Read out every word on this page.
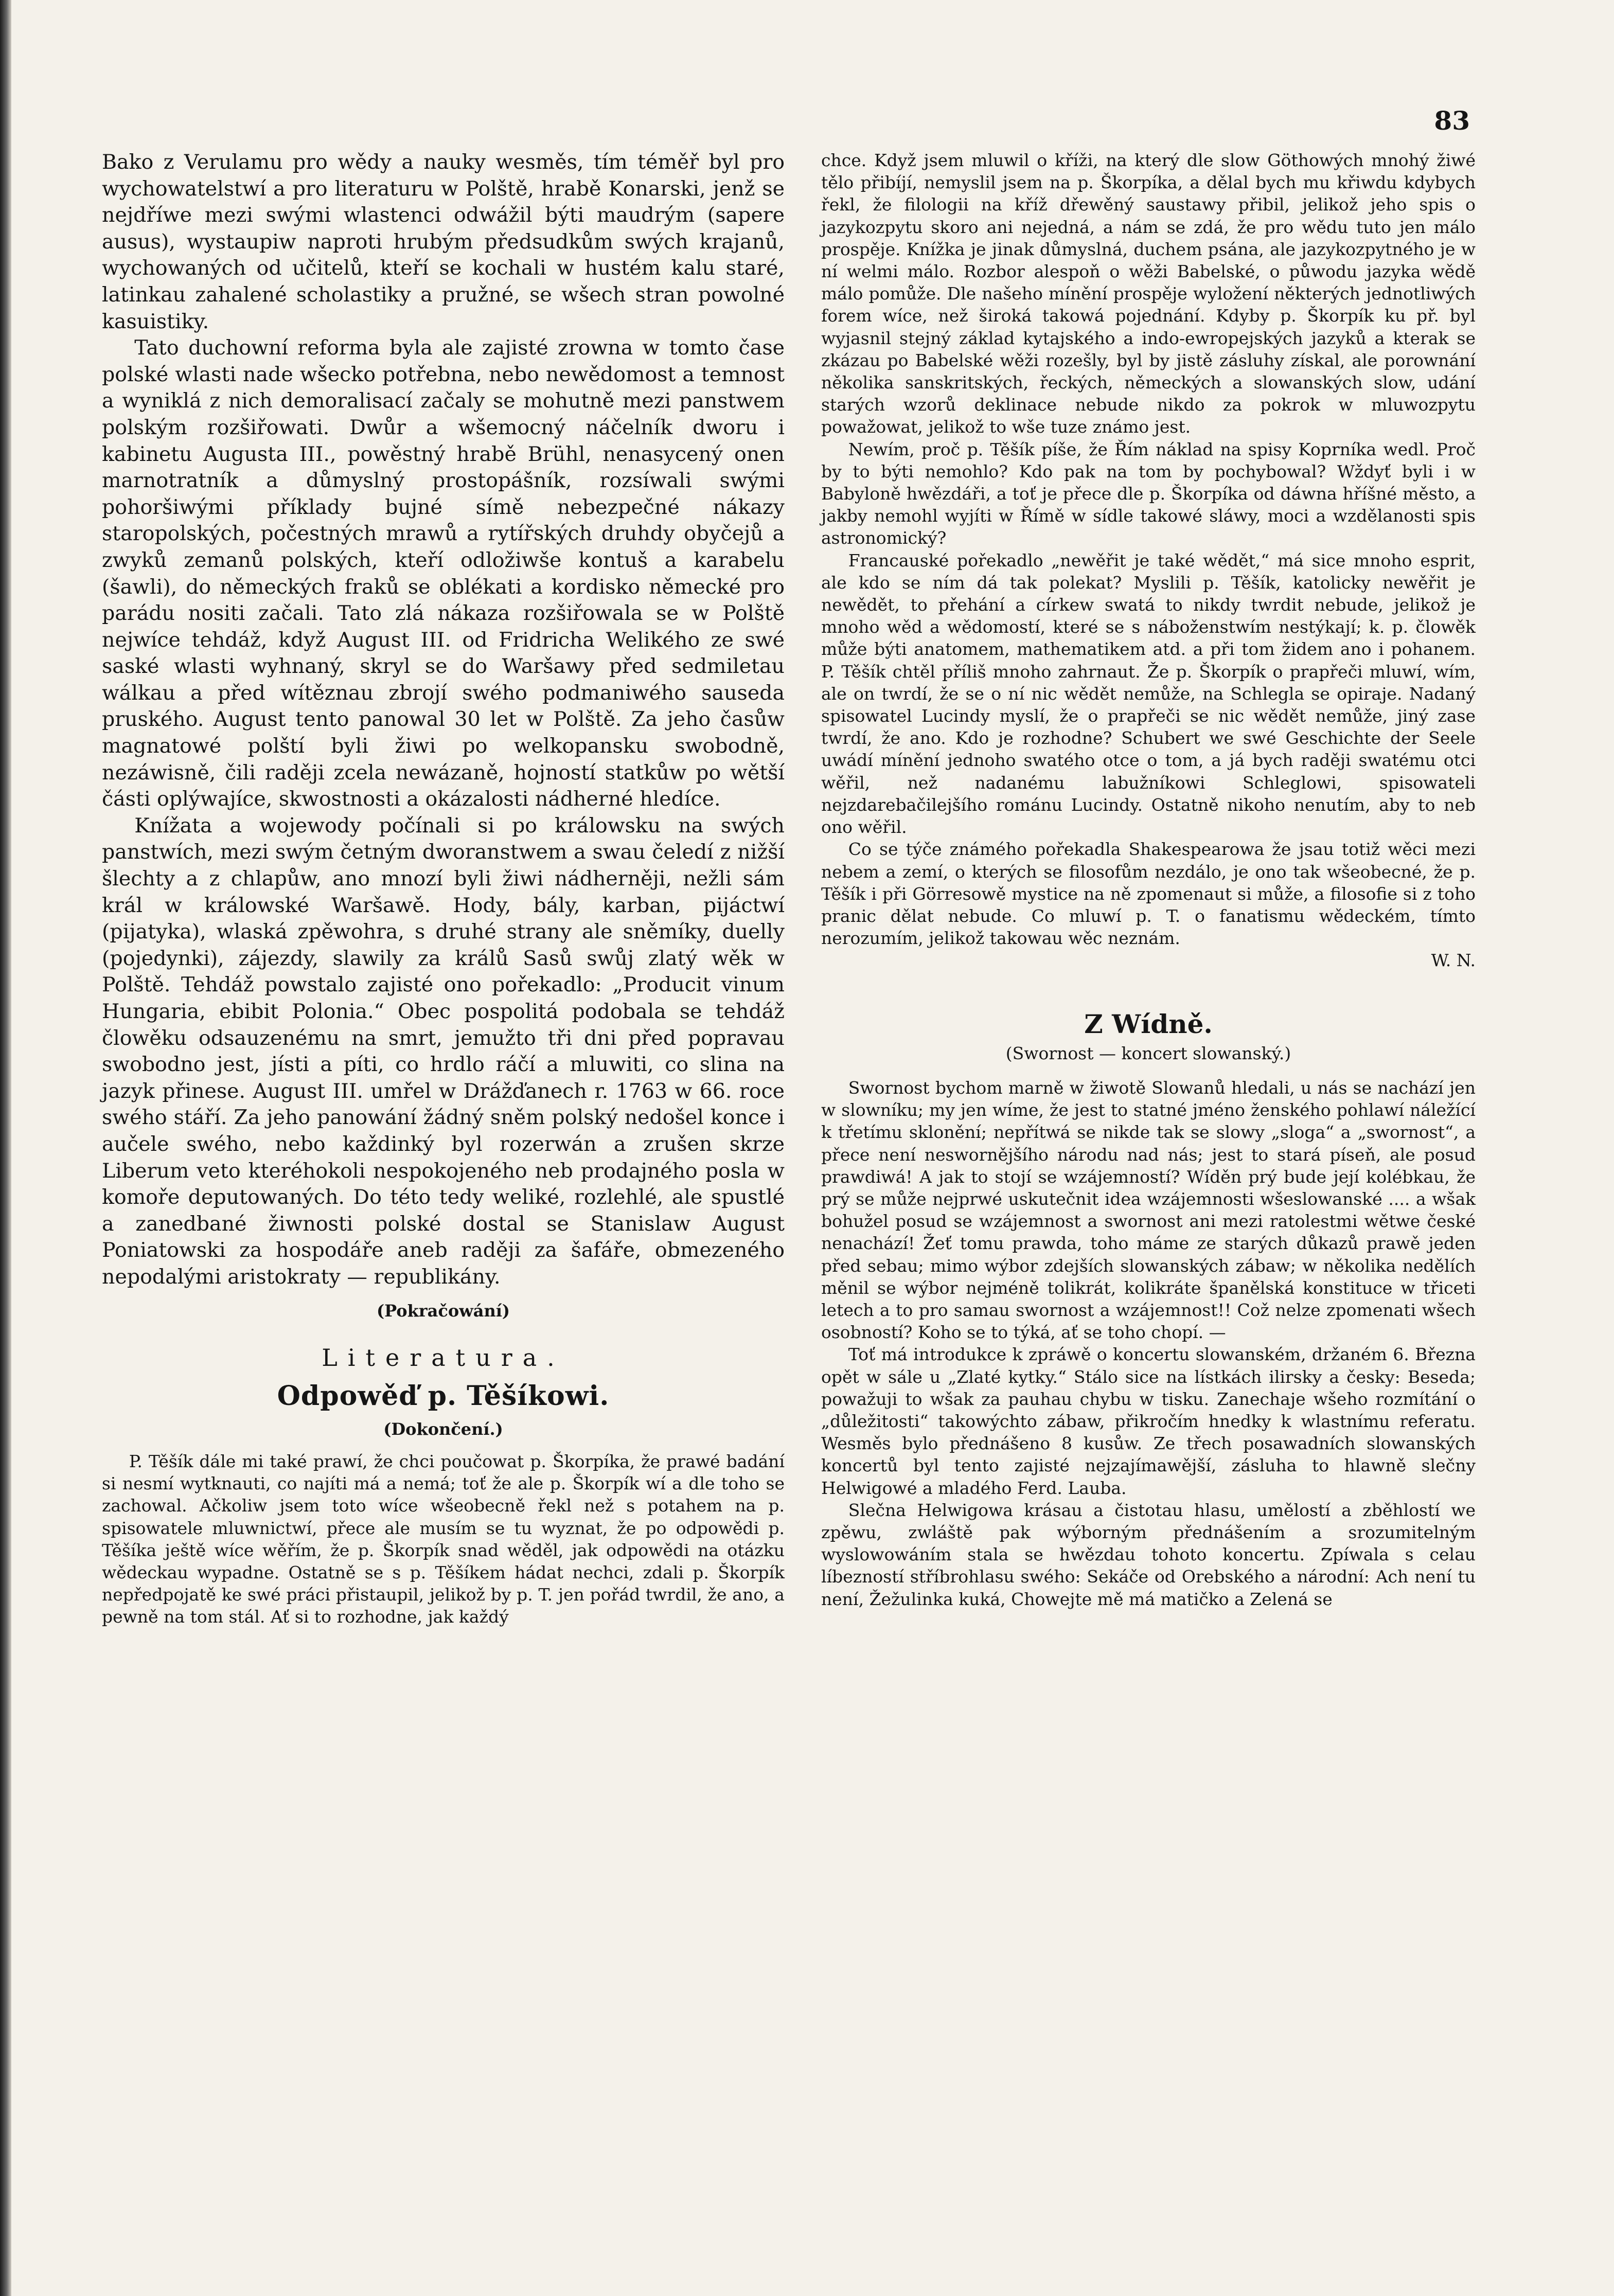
83

Bako z Verulamu pro wědy a nauky wesměs, tím téměř byl pro wychowatelstwí a pro literaturu w Polště, hrabě Konarski, jenž se nejdříwe mezi swými wlastenci odwážil býti maudrým (sapere ausus), wystaupiw naproti hrubým předsudkům swých krajanů, wychowaných od učitelů, kteří se kochali w hustém kalu staré, latinkau zahalené scholastiky a pružné, se wšech stran powolné kasuistiky.

Tato duchowní reforma byla ale zajisté zrowna w tomto čase polské wlasti nade wšecko potřebna, nebo newědomost a temnost a wyniklá z nich demoralisací začaly se mohutně mezi panstwem polským rozšiřowati. Dwůr a wšemocný náčelník dworu i kabinetu Augusta III., powěstný hrabě Brühl, nenasycený onen marnotratník a důmyslný prostopášník, rozsíwali swými pohoršiwými příklady bujné símě nebezpečné nákazy staropolských, počestných mrawů a rytířských druhdy obyčejů a zwyků zemanů polských, kteří odložiwše kontuš a karabelu (šawli), do německých fraků se oblékati a kordisko německé pro parádu nositi začali. Tato zlá nákaza rozšiřowala se w Polště nejwíce tehdáž, když August III. od Fridricha Welikého ze swé saské wlasti wyhnaný, skryl se do Waršawy před sedmiletau wálkau a před wítěznau zbrojí swého podmaniwého sauseda pruského. August tento panowal 30 let w Polště. Za jeho časůw magnatowé polští byli žiwi po welkopansku swobodně, nezáwisně, čili raději zcela newázaně, hojností statkůw po wětší části oplýwajíce, skwostnosti a okázalosti nádherné hledíce.

Knížata a wojewody počínali si po králowsku na swých panstwích, mezi swým četným dworanstwem a swau čeledí z nižší šlechty a z chlapůw, ano mnozí byli žiwi nádherněji, nežli sám král w králowské Waršawě. Hody, bály, karban, pijáctwí (pijatyka), wlaská zpěwohra, s druhé strany ale sněmíky, duelly (pojedynki), zájezdy, slawily za králů Sasů swůj zlatý wěk w Polště. Tehdáž powstalo zajisté ono pořekadlo: „Producit vinum Hungaria, ebibit Polonia.“ Obec pospolitá podobala se tehdáž člowěku odsauzenému na smrt, jemužto tři dni před popravau swobodno jest, jísti a píti, co hrdlo ráčí a mluwiti, co slina na jazyk přinese. August III. umřel w Drážďanech r. 1763 w 66. roce swého stáří. Za jeho panowání žádný sněm polský nedošel konce i aučele swého, nebo každinký byl rozerwán a zrušen skrze Liberum veto kteréhokoli nespokojeného neb prodajného posla w komoře deputowaných. Do této tedy weliké, rozlehlé, ale spustlé a zanedbané žiwnosti polské dostal se Stanislaw August Poniatowski za hospodáře aneb raději za šafáře, obmezeného nepodalými aristokraty — republikány.

(Pokračowání)
Literatura.
Odpowěď p. Těšíkowi.
(Dokončení.)

P. Těšík dále mi také prawí, že chci poučowat p. Škorpíka, že prawé badání si nesmí wytknauti, co najíti má a nemá; toť že ale p. Škorpík wí a dle toho se zachowal. Ačkoliw jsem toto wíce wšeobecně řekl než s potahem na p. spisowatele mluwnictwí, přece ale musím se tu wyznat, že po odpowědi p. Těšíka ještě wíce wěřím, že p. Škorpík snad wěděl, jak odpowědi na otázku wědeckau wypadne. Ostatně se s p. Těšíkem hádat nechci, zdali p. Škorpík nepředpojatě ke swé práci přistaupil, jelikož by p. T. jen pořád twrdil, že ano, a pewně na tom stál. Ať si to rozhodne, jak každý

chce. Když jsem mluwil o kříži, na který dle slow Göthowých mnohý žiwé tělo přibíjí, nemyslil jsem na p. Škorpíka, a dělal bych mu křiwdu kdybych řekl, že filologii na kříž dřewěný saustawy přibil, jelikož jeho spis o jazykozpytu skoro ani nejedná, a nám se zdá, že pro wědu tuto jen málo prospěje. Knížka je jinak důmyslná, duchem psána, ale jazykozpytného je w ní welmi málo. Rozbor alespoň o wěži Babelské, o půwodu jazyka wědě málo pomůže. Dle našeho mínění prospěje wyložení některých jednotliwých forem wíce, než široká takowá pojednání. Kdyby p. Škorpík ku př. byl wyjasnil stejný základ kytajského a indo-ewropejských jazyků a kterak se zkázau po Babelské wěži rozešly, byl by jistě zásluhy získal, ale porownání několika sanskritských, řeckých, německých a slowanských slow, udání starých wzorů deklinace nebude nikdo za pokrok w mluwozpytu powažowat, jelikož to wše tuze známo jest.

Newím, proč p. Těšík píše, že Řím náklad na spisy Koprníka wedl. Proč by to býti nemohlo? Kdo pak na tom by pochybowal? Wždyť byli i w Babyloně hwězdáři, a toť je přece dle p. Škorpíka od dáwna hříšné město, a jakby nemohl wyjíti w Římě w sídle takowé sláwy, moci a wzdělanosti spis astronomický?

Francauské pořekadlo „newěřit je také wědět,“ má sice mnoho esprit, ale kdo se ním dá tak polekat? Myslili p. Těšík, katolicky newěřit je newědět, to přehání a církew swatá to nikdy twrdit nebude, jelikož je mnoho wěd a wědomostí, které se s náboženstwím nestýkají; k. p. člowěk může býti anatomem, mathematikem atd. a při tom židem ano i pohanem. P. Těšík chtěl příliš mnoho zahrnaut. Že p. Škorpík o prapřeči mluwí, wím, ale on twrdí, že se o ní nic wědět nemůže, na Schlegla se opiraje. Nadaný spisowatel Lucindy myslí, že o prapřeči se nic wědět nemůže, jiný zase twrdí, že ano. Kdo je rozhodne? Schubert we swé Geschichte der Seele uwádí mínění jednoho swatého otce o tom, a já bych raději swatému otci wěřil, než nadanému labužníkowi Schleglowi, spisowateli nejzdarebačilejšího románu Lucindy. Ostatně nikoho nenutím, aby to neb ono wěřil.

Co se týče známého pořekadla Shakespearowa že jsau totiž wěci mezi nebem a zemí, o kterých se filosofům nezdálo, je ono tak wšeobecné, že p. Těšík i při Görresowě mystice na ně zpomenaut si může, a filosofie si z toho pranic dělat nebude. Co mluwí p. T. o fanatismu wědeckém, tímto nerozumím, jelikož takowau wěc neznám.

W. N.
Z Wídně.
(Swornost — koncert slowanský.)

Swornost bychom marně w žiwotě Slowanů hledali, u nás se nachází jen w slowníku; my jen wíme, že jest to statné jméno ženského pohlawí náležící k třetímu sklonění; nepřítwá se nikde tak se slowy „sloga“ a „swornost“, a přece není nesworněјšího národu nad nás; jest to stará píseň, ale posud prawdiwá! A jak to stojí se wzájemností? Wíděn prý bude její kolébkau, že prý se může nejprwé uskutečnit idea wzájemnosti wšeslowanské .... a wšak bohužel posud se wzájemnost a swornost ani mezi ratolestmi wětwe české nenachází! Žeť tomu prawda, toho máme ze starých důkazů prawě jeden před sebau; mimo wýbor zdejších slowanských zábaw; w několika nedělích měnil se wýbor nejméně tolikrát, kolikráte španělská konstituce w třiceti letech a to pro samau swornost a wzájemnost!! Což nelze zpomenati wšech osobností? Koho se to týká, ať se toho chopí. —

Toť má introdukce k zpráwě o koncertu slowanském, držaném 6. Března opět w sále u „Zlaté kytky.“ Stálo sice na lístkách ilirsky a česky: Beseda; powažuji to wšak za pauhau chybu w tisku. Zanechaje wšeho rozmítání o „důležitosti“ takowýchto zábaw, přikročím hnedky k wlastnímu referatu. Wesměs bylo přednášeno 8 kusůw. Ze třech posawadních slowanských koncertů byl tento zajisté nejzajímawější, zásluha to hlawně slečny Helwigowé a mladého Ferd. Lauba.

Slečna Helwigowa krásau a čistotau hlasu, umělostí a zběhlostí we zpěwu, zwláště pak wýborným přednášením a srozumitelným wyslowowáním stala se hwězdau tohoto koncertu. Zpíwala s celau líbezností stříbrohlasu swého: Sekáče od Orebského a národní: Ach není tu není, Žežulinka kuká, Chowejte mě má matičko a Zelená se
